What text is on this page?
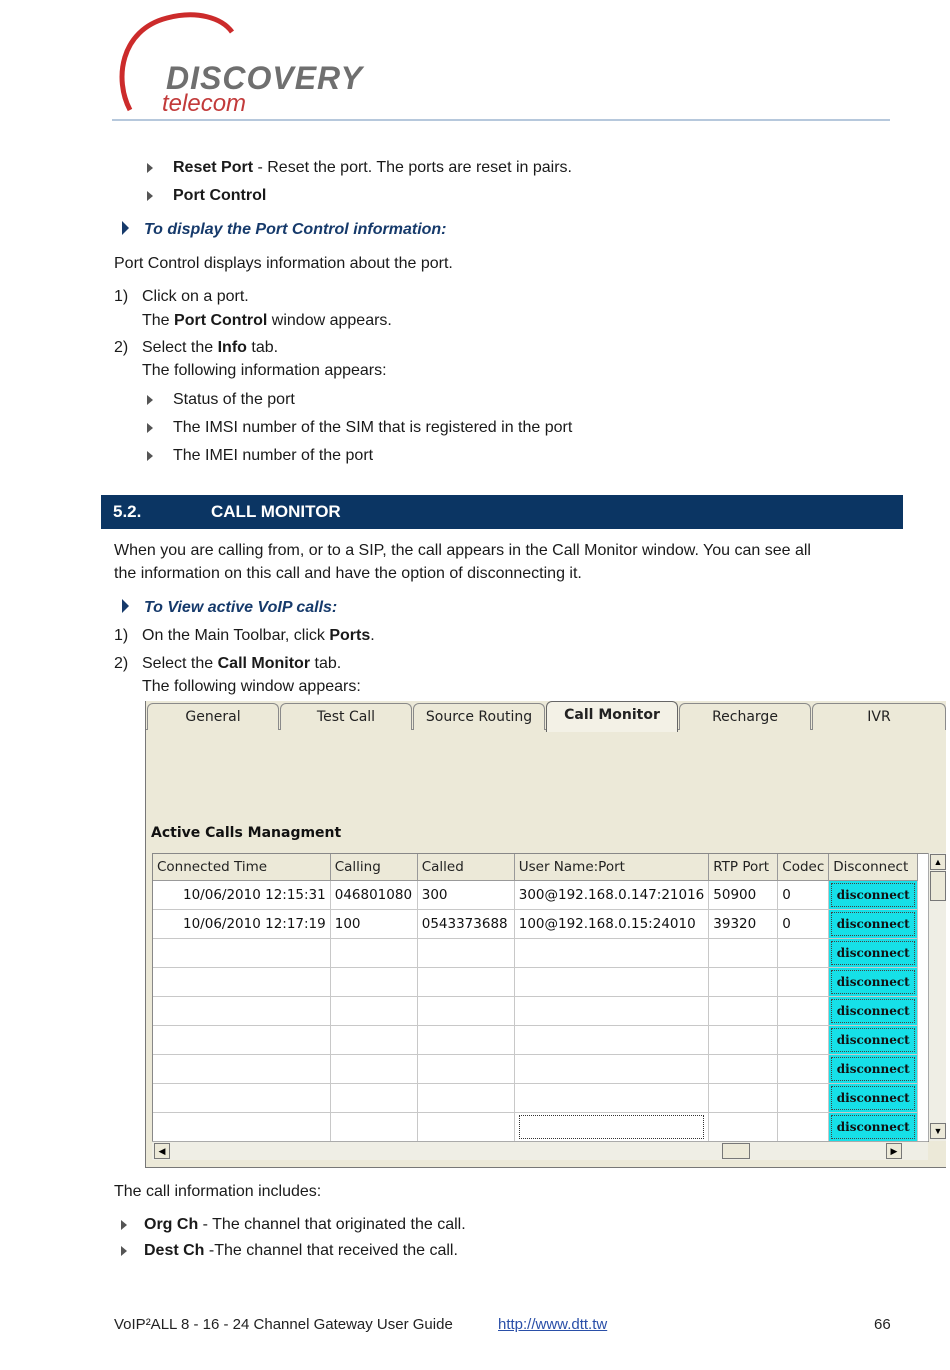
DISCOVERY
telecom
Reset Port - Reset the port. The ports are reset in pairs.
Port Control
To display the Port Control information:
Port Control displays information about the port.
1) Click on a port.
The Port Control window appears.
2) Select the Info tab.
The following information appears:
Status of the port
The IMSI number of the SIM that is registered in the port
The IMEI number of the port
5.2.	CALL MONITOR
When you are calling from, or to a SIP, the call appears in the Call Monitor window. You can see all
the information on this call and have the option of disconnecting it.
To View active VoIP calls:
1) On the Main Toolbar, click Ports.
2) Select the Call Monitor tab.
The following window appears:
General	Test Call	Source Routing	Call Monitor	Recharge	IVR
Active Calls Managment
Connected Time	Calling	Called	User Name:Port	RTP Port	Codec	Disconnect
10/06/2010 12:15:31	046801080	300	300@192.168.0.147:21016	50900	0	disconnect

10/06/2010 12:17:19	100	0543373688	100@192.168.0.15:24010	39320	0	disconnect

						disconnect

						disconnect

						disconnect

						disconnect

						disconnect

						disconnect

						disconnect

▲
▼
◀	▶
The call information includes:
Org Ch - The channel that originated the call.
Dest Ch -The channel that received the call.
VoIP²ALL 8 - 16 - 24 Channel Gateway User Guide	http://www.dtt.tw	66
